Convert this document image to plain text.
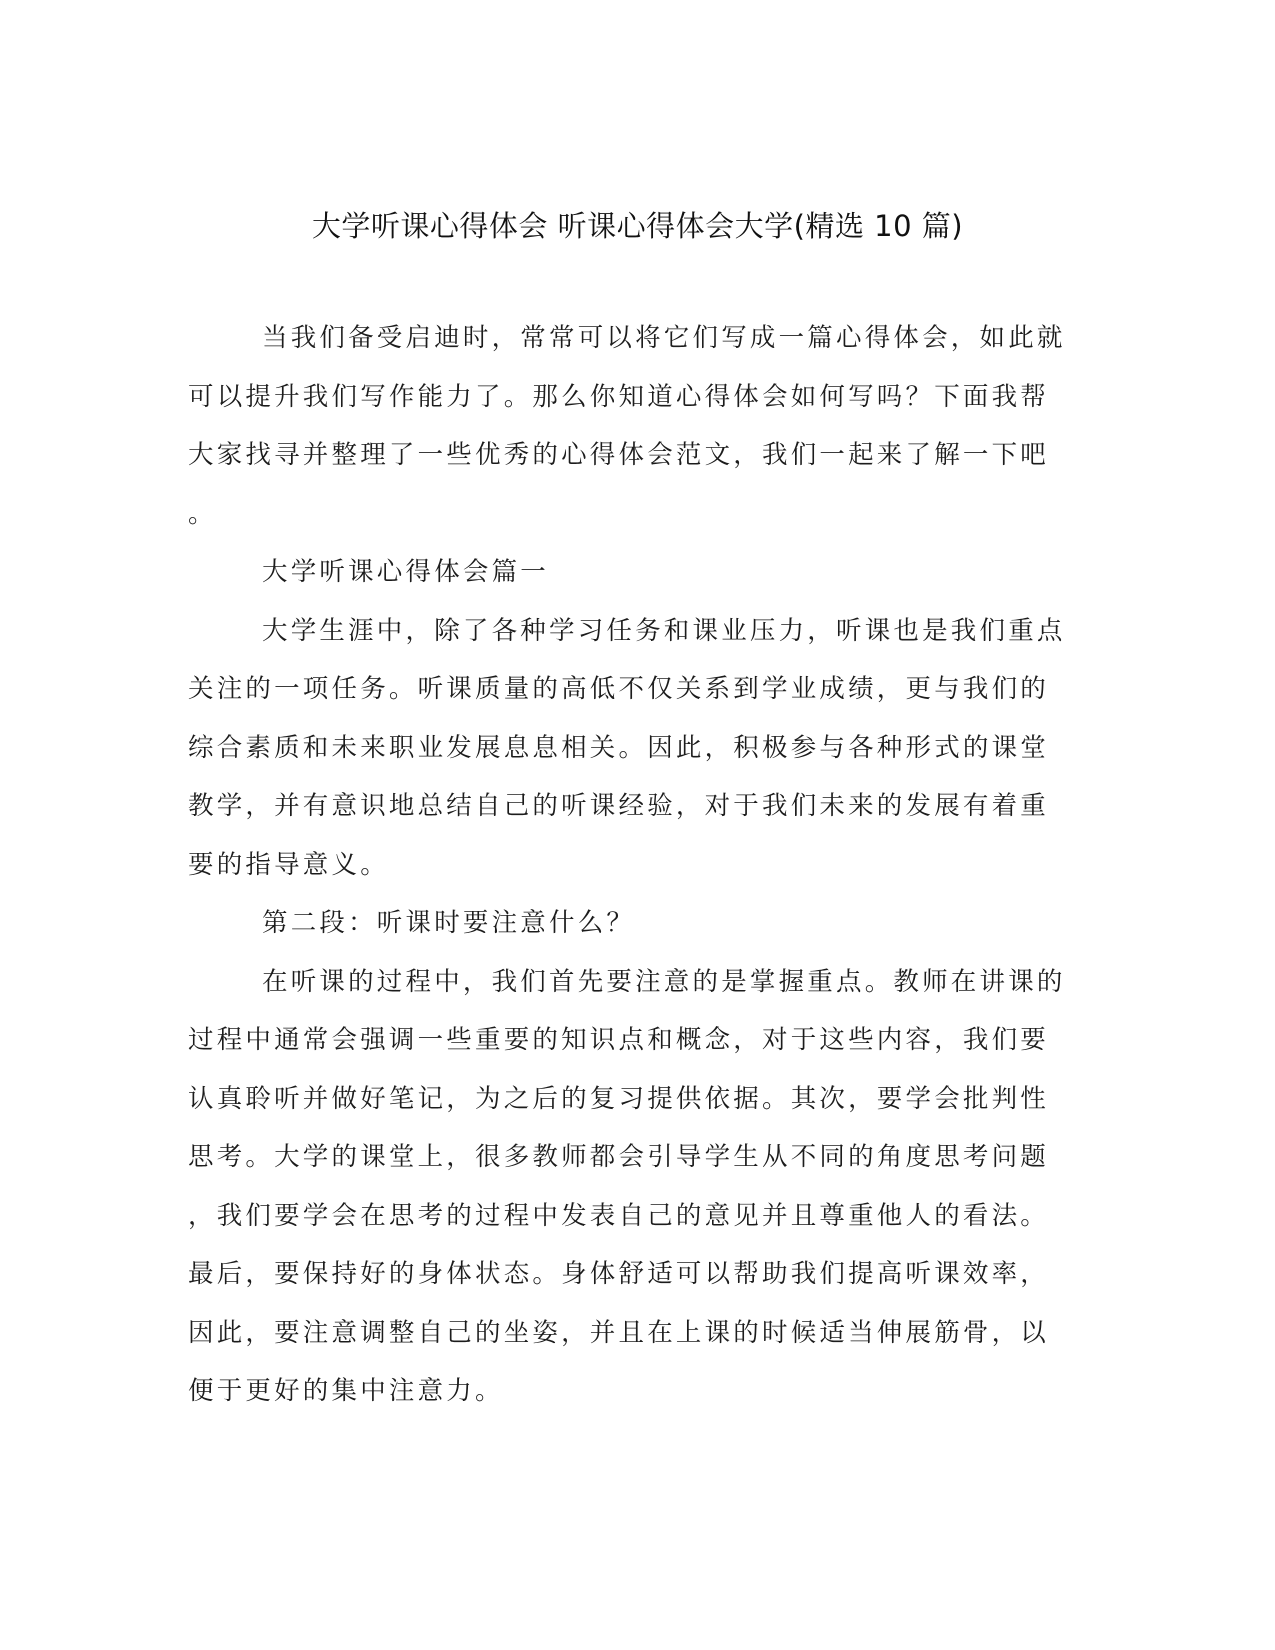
大学听课心得体会 听课心得体会大学(精选 10 篇)
当我们备受启迪时，常常可以将它们写成一篇心得体会，如此就
可以提升我们写作能力了。那么你知道心得体会如何写吗？下面我帮
大家找寻并整理了一些优秀的心得体会范文，我们一起来了解一下吧
。
大学听课心得体会篇一
大学生涯中，除了各种学习任务和课业压力，听课也是我们重点
关注的一项任务。听课质量的高低不仅关系到学业成绩，更与我们的
综合素质和未来职业发展息息相关。因此，积极参与各种形式的课堂
教学，并有意识地总结自己的听课经验，对于我们未来的发展有着重
要的指导意义。
第二段：听课时要注意什么？
在听课的过程中，我们首先要注意的是掌握重点。教师在讲课的
过程中通常会强调一些重要的知识点和概念，对于这些内容，我们要
认真聆听并做好笔记，为之后的复习提供依据。其次，要学会批判性
思考。大学的课堂上，很多教师都会引导学生从不同的角度思考问题
，我们要学会在思考的过程中发表自己的意见并且尊重他人的看法。
最后，要保持好的身体状态。身体舒适可以帮助我们提高听课效率，
因此，要注意调整自己的坐姿，并且在上课的时候适当伸展筋骨，以
便于更好的集中注意力。
